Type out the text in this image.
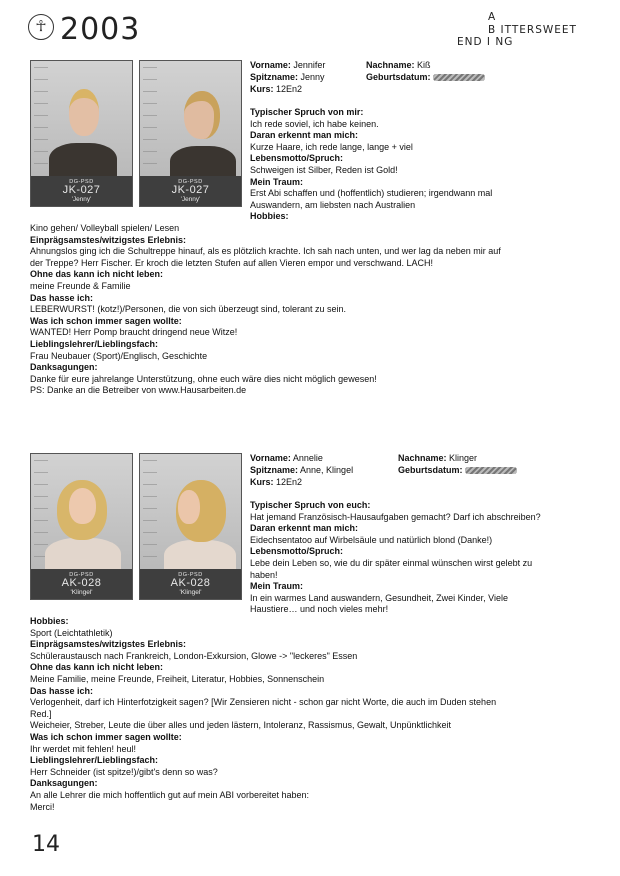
☥ 2003	A
B ITTERSWEET
END I NG
DG-PSD
JK-027
'Jenny'
DG-PSD
JK-027
'Jenny'
Vorname: Jennifer	Nachname: Kiß
Spitzname: Jenny	Geburtsdatum:
Kurs: 12En2
Typischer Spruch von mir:
Ich rede soviel, ich habe keinen.
Daran erkennt man mich:
Kurze Haare, ich rede lange, lange + viel
Lebensmotto/Spruch:
Schweigen ist Silber, Reden ist Gold!
Mein Traum:
Erst Abi schaffen und (hoffentlich) studieren; irgendwann mal
Auswandern, am liebsten nach Australien
Hobbies:
Kino gehen/ Volleyball spielen/ Lesen
Einprägsamstes/witzigstes Erlebnis:
Ahnungslos ging ich die Schultreppe hinauf, als es plötzlich krachte. Ich sah nach unten, und wer lag da neben mir auf
der Treppe? Herr Fischer. Er kroch die letzten Stufen auf allen Vieren empor und verschwand. LACH!
Ohne das kann ich nicht leben:
meine Freunde & Familie
Das hasse ich:
LEBERWURST! (kotz!)/Personen, die von sich überzeugt sind, tolerant zu sein.
Was ich schon immer sagen wollte:
WANTED! Herr Pomp braucht dringend neue Witze!
Lieblingslehrer/Lieblingsfach:
Frau Neubauer (Sport)/Englisch, Geschichte
Danksagungen:
Danke für eure jahrelange Unterstützung, ohne euch wäre dies nicht möglich gewesen!
PS: Danke an die Betreiber von www.Hausarbeiten.de
DG-PSD
AK-028
'Klingel'
DG-PSD
AK-028
'Klingel'
Vorname: Annelie	Nachname: Klinger
Spitzname: Anne, Klingel	Geburtsdatum:
Kurs: 12En2
Typischer Spruch von euch:
Hat jemand Französisch-Hausaufgaben gemacht? Darf ich abschreiben?
Daran erkennt man mich:
Eidechsentatoo auf Wirbelsäule und natürlich blond (Danke!)
Lebensmotto/Spruch:
Lebe dein Leben so, wie du dir später einmal wünschen wirst gelebt zu
haben!
Mein Traum:
In ein warmes Land auswandern, Gesundheit, Zwei Kinder, Viele
Haustiere… und noch vieles mehr!
Hobbies:
Sport (Leichtathletik)
Einprägsamstes/witzigstes Erlebnis:
Schüleraustausch nach Frankreich, London-Exkursion, Glowe -> "leckeres" Essen
Ohne das kann ich nicht leben:
Meine Familie, meine Freunde, Freiheit, Literatur, Hobbies, Sonnenschein
Das hasse ich:
Verlogenheit, darf ich Hinterfotzigkeit sagen? [Wir Zensieren nicht - schon gar nicht Worte, die auch im Duden stehen
Red.]
Weicheier, Streber, Leute die über alles und jeden lästern, Intoleranz, Rassismus, Gewalt, Unpünktlichkeit
Was ich schon immer sagen wollte:
Ihr werdet mit fehlen! heul!
Lieblingslehrer/Lieblingsfach:
Herr Schneider (ist spitze!)/gibt's denn so was?
Danksagungen:
An alle Lehrer die mich hoffentlich gut auf mein ABI vorbereitet haben:
Merci!
14
